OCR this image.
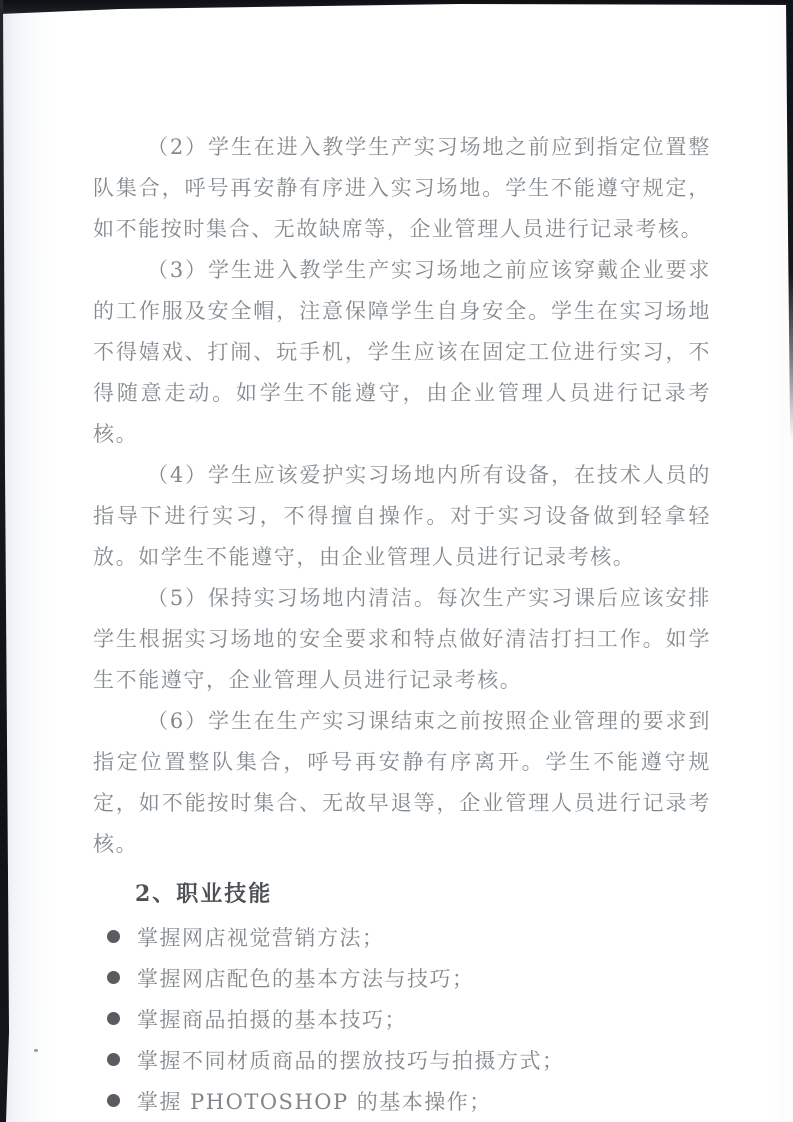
（2）学生在进入教学生产实习场地之前应到指定位置整队集合，呼号再安静有序进入实习场地。学生不能遵守规定，如不能按时集合、无故缺席等，企业管理人员进行记录考核。

（3）学生进入教学生产实习场地之前应该穿戴企业要求的工作服及安全帽，注意保障学生自身安全。学生在实习场地不得嬉戏、打闹、玩手机，学生应该在固定工位进行实习，不得随意走动。如学生不能遵守，由企业管理人员进行记录考核。

（4）学生应该爱护实习场地内所有设备，在技术人员的指导下进行实习，不得擅自操作。对于实习设备做到轻拿轻放。如学生不能遵守，由企业管理人员进行记录考核。

（5）保持实习场地内清洁。每次生产实习课后应该安排学生根据实习场地的安全要求和特点做好清洁打扫工作。如学生不能遵守，企业管理人员进行记录考核。

（6）学生在生产实习课结束之前按照企业管理的要求到指定位置整队集合，呼号再安静有序离开。学生不能遵守规定，如不能按时集合、无故早退等，企业管理人员进行记录考核。

2、职业技能
掌握网店视觉营销方法；
掌握网店配色的基本方法与技巧；
掌握商品拍摄的基本技巧；
掌握不同材质商品的摆放技巧与拍摄方式；
掌握 PHOTOSHOP 的基本操作；
